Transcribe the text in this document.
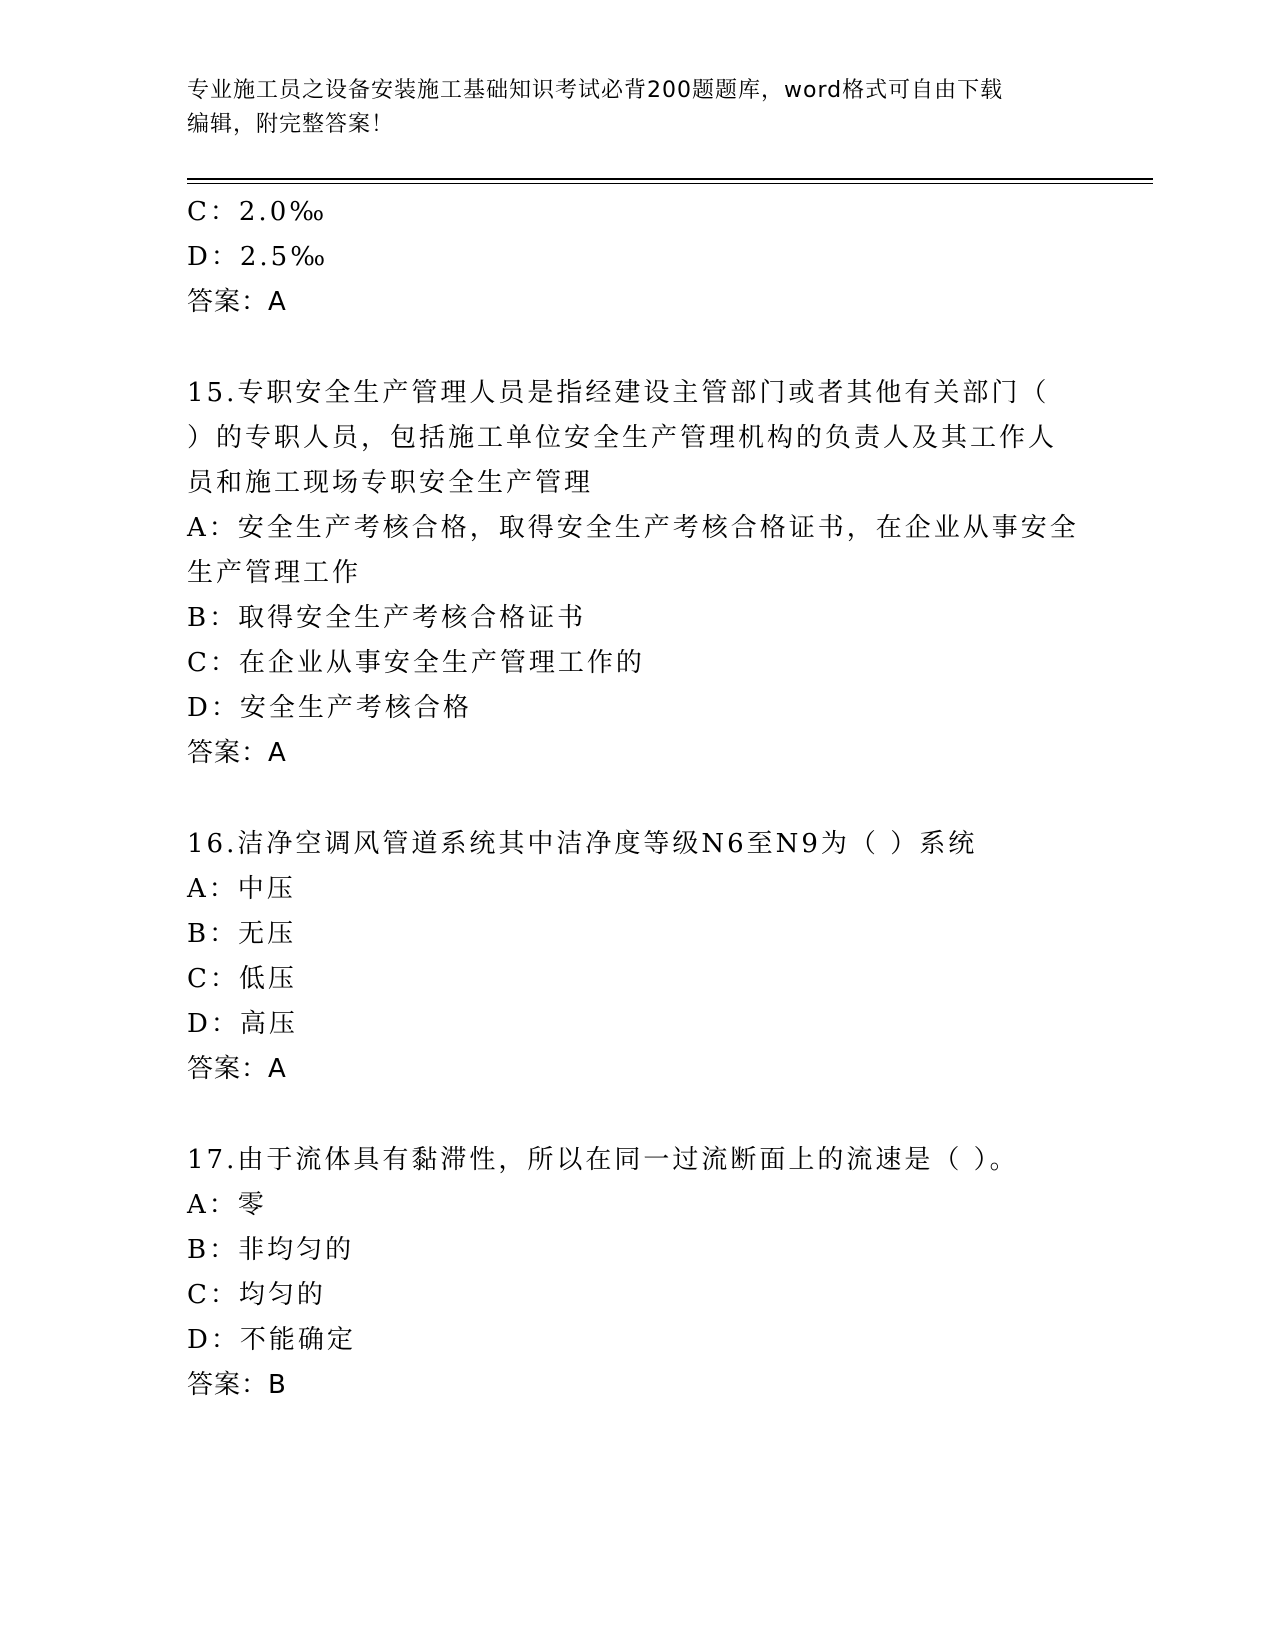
专业施工员之设备安装施工基础知识考试必背200题题库，word格式可自由下载
编辑，附完整答案！
C：2.0‰
D：2.5‰
答案：A
15.专职安全生产管理人员是指经建设主管部门或者其他有关部门（
）的专职人员，包括施工单位安全生产管理机构的负责人及其工作人
员和施工现场专职安全生产管理
A：安全生产考核合格，取得安全生产考核合格证书，在企业从事安全
生产管理工作
B：取得安全生产考核合格证书
C：在企业从事安全生产管理工作的
D：安全生产考核合格
答案：A
16.洁净空调风管道系统其中洁净度等级N6至N9为（ ）系统
A：中压
B：无压
C：低压
D：高压
答案：A
17.由于流体具有黏滞性，所以在同一过流断面上的流速是（ ）。
A：零
B：非均匀的
C：均匀的
D：不能确定
答案：B
